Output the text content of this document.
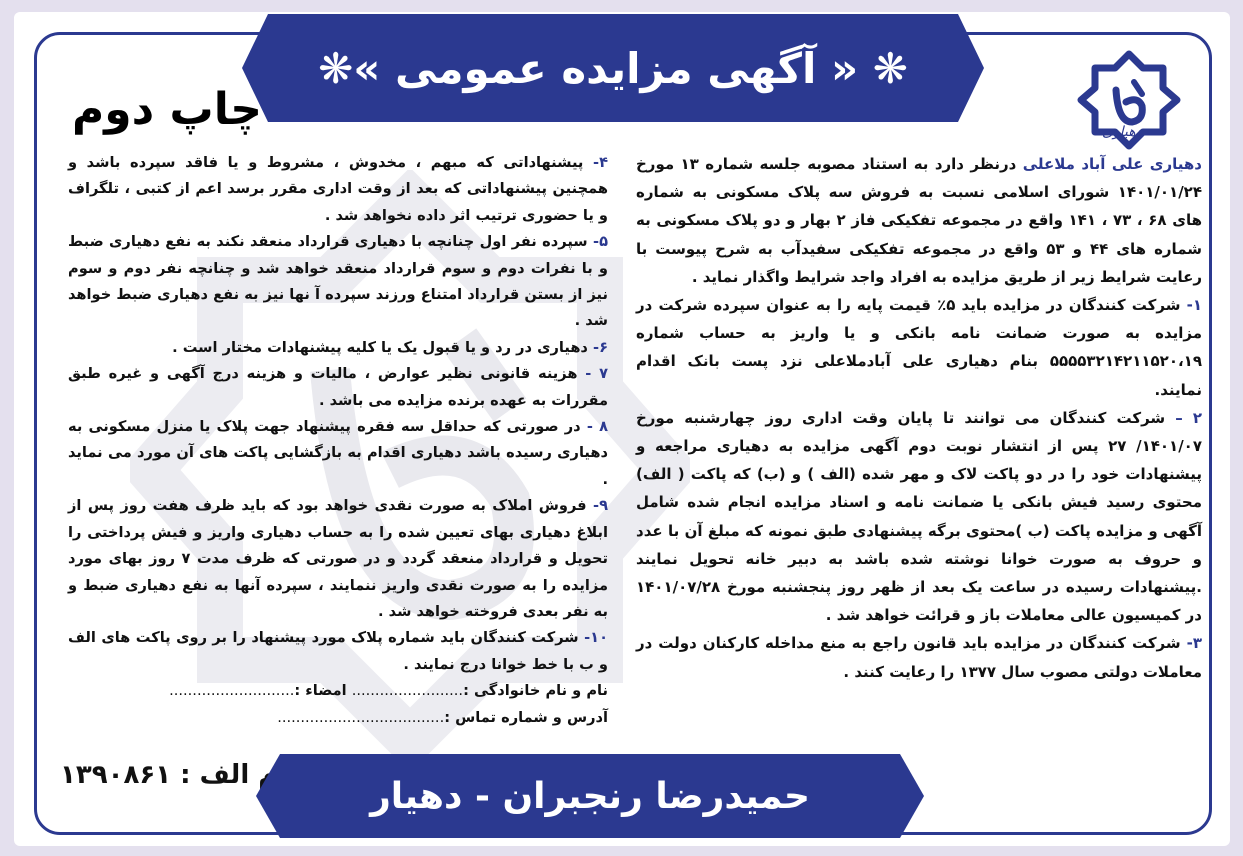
❋ « آگهی مزایده عمومی »❋
دهیاری
چاپ دوم

دهیاری علی آباد ملاعلی درنظر دارد به استناد مصوبه جلسه شماره ۱۳ مورخ ۱۴۰۱/۰۱/۲۴ شورای اسلامی نسبت به فروش سه پلاک مسکونی به شماره های ۶۸ ، ۷۳ ، ۱۴۱ واقع در مجموعه تفکیکی فاز ۲ بهار و دو پلاک مسکونی به شماره های ۴۴ و ۵۳ واقع در مجموعه تفکیکی سفیدآب به شرح پیوست با رعایت شرایط زیر از طریق مزایده به افراد واجد شرایط واگذار نماید .

۱- شرکت کنندگان در مزایده باید ۵٪ قیمت پایه را به عنوان سپرده شرکت در مزایده به صورت ضمانت نامه بانکی و یا واریز به حساب شماره ۵۵۵۵۳۲۱۴۲۱۱۵۲۰،۱۹ بنام دهیاری علی آبادملاعلی نزد پست بانک اقدام نمایند.

۲ – شرکت کنندگان می توانند تا پایان وقت اداری روز چهارشنبه مورخ ۱۴۰۱/۰۷/ ۲۷ پس از انتشار نوبت دوم آگهی مزایده به دهیاری مراجعه و پیشنهادات خود را در دو پاکت لاک و مهر شده (الف ) و (ب) که پاکت ( الف) محتوی رسید فیش بانکی یا ضمانت نامه و اسناد مزایده انجام شده شامل آگهی و مزایده پاکت (ب )محتوی برگه پیشنهادی طبق نمونه که مبلغ آن با عدد و حروف به صورت خوانا نوشته شده باشد به دبیر خانه تحویل نمایند .پیشنهادات رسیده در ساعت یک بعد از ظهر روز پنجشنبه مورخ ۱۴۰۱/۰۷/۲۸ در کمیسیون عالی معاملات باز و قرائت خواهد شد .

۳- شرکت کنندگان در مزایده باید قانون راجع به منع مداخله کارکنان دولت در معاملات دولتی مصوب سال ۱۳۷۷ را رعایت کنند .

۴- پیشنهاداتی که مبهم ، مخدوش ، مشروط و یا فاقد سپرده باشد و همچنین پیشنهاداتی که بعد از وقت اداری مقرر برسد اعم از کتبی ، تلگراف و یا حضوری ترتیب اثر داده نخواهد شد .

۵- سپرده نفر اول چنانچه با دهیاری قرارداد منعقد نکند به نفع دهیاری ضبط و با نفرات دوم و سوم قرارداد منعقد خواهد شد و چنانچه نفر دوم و سوم نیز از بستن قرارداد امتناع ورزند سپرده آ نها نیز به نفع دهیاری ضبط خواهد شد .

۶- دهیاری در رد و یا قبول یک یا کلیه پیشنهادات مختار است .

۷ - هزینه قانونی نظیر عوارض ، مالیات و هزینه درج آگهی و غیره طبق مقررات به عهده برنده مزایده می باشد .

۸ - در صورتی که حداقل سه فقره پیشنهاد جهت پلاک یا منزل مسکونی به دهیاری رسیده باشد دهیاری اقدام به بازگشایی پاکت های آن مورد می نماید .

۹- فروش املاک به صورت نقدی خواهد بود که باید ظرف هفت روز پس از ابلاغ دهیاری بهای تعیین شده را به حساب دهیاری واریز و فیش پرداختی را تحویل و قرارداد منعقد گردد و در صورتی که ظرف مدت ۷ روز بهای مورد مزایده را به صورت نقدی واریز ننمایند ، سپرده آنها به نفع دهیاری ضبط و به نفر بعدی فروخته خواهد شد .

۱۰- شرکت کنندگان باید شماره پلاک مورد پیشنهاد را بر روی پاکت های الف و ب با خط خوانا درج نمایند .

نام و نام خانوادگی :........................ امضاء :...........................
آدرس و شماره تماس :....................................
م الف : ۱۳۹۰۸۶۱
حمیدرضا رنجبران - دهیار
